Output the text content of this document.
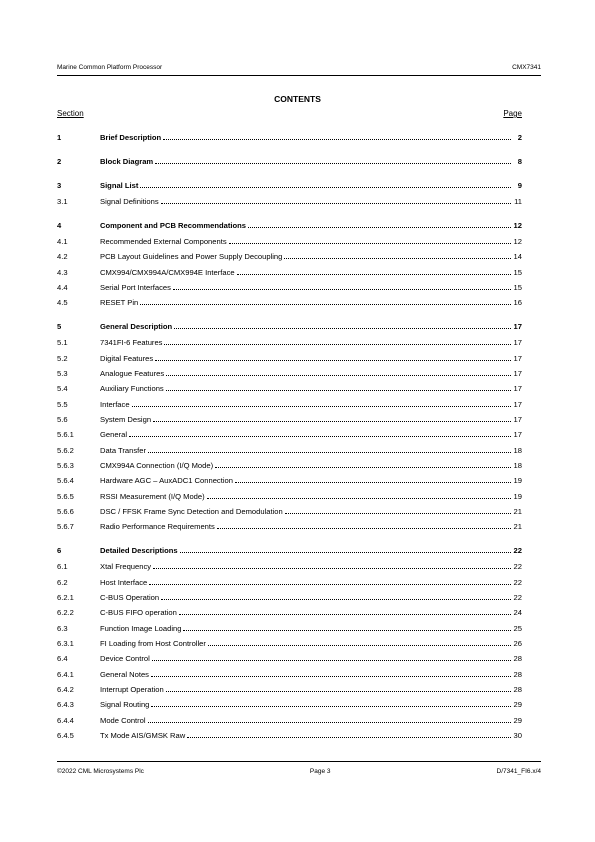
Marine Common Platform Processor	CMX7341
CONTENTS
Section	Page
1	Brief Description	2
2	Block Diagram	8
3	Signal List	9
3.1	Signal Definitions	11
4	Component and PCB Recommendations	12
4.1	Recommended External Components	12
4.2	PCB Layout Guidelines and Power Supply Decoupling	14
4.3	CMX994/CMX994A/CMX994E Interface	15
4.4	Serial Port Interfaces	15
4.5	RESET Pin	16
5	General Description	17
5.1	7341FI-6 Features	17
5.2	Digital Features	17
5.3	Analogue Features	17
5.4	Auxiliary Functions	17
5.5	Interface	17
5.6	System Design	17
5.6.1	General	17
5.6.2	Data Transfer	18
5.6.3	CMX994A Connection (I/Q Mode)	18
5.6.4	Hardware AGC – AuxADC1 Connection	19
5.6.5	RSSI Measurement (I/Q Mode)	19
5.6.6	DSC / FFSK Frame Sync Detection and Demodulation	21
5.6.7	Radio Performance Requirements	21
6	Detailed Descriptions	22
6.1	Xtal Frequency	22
6.2	Host Interface	22
6.2.1	C-BUS Operation	22
6.2.2	C-BUS FIFO operation	24
6.3	Function Image Loading	25
6.3.1	FI Loading from Host Controller	26
6.4	Device Control	28
6.4.1	General Notes	28
6.4.2	Interrupt Operation	28
6.4.3	Signal Routing	29
6.4.4	Mode Control	29
6.4.5	Tx Mode AIS/GMSK Raw	30
©2022 CML Microsystems Plc	Page 3	D/7341_FI6.x/4
